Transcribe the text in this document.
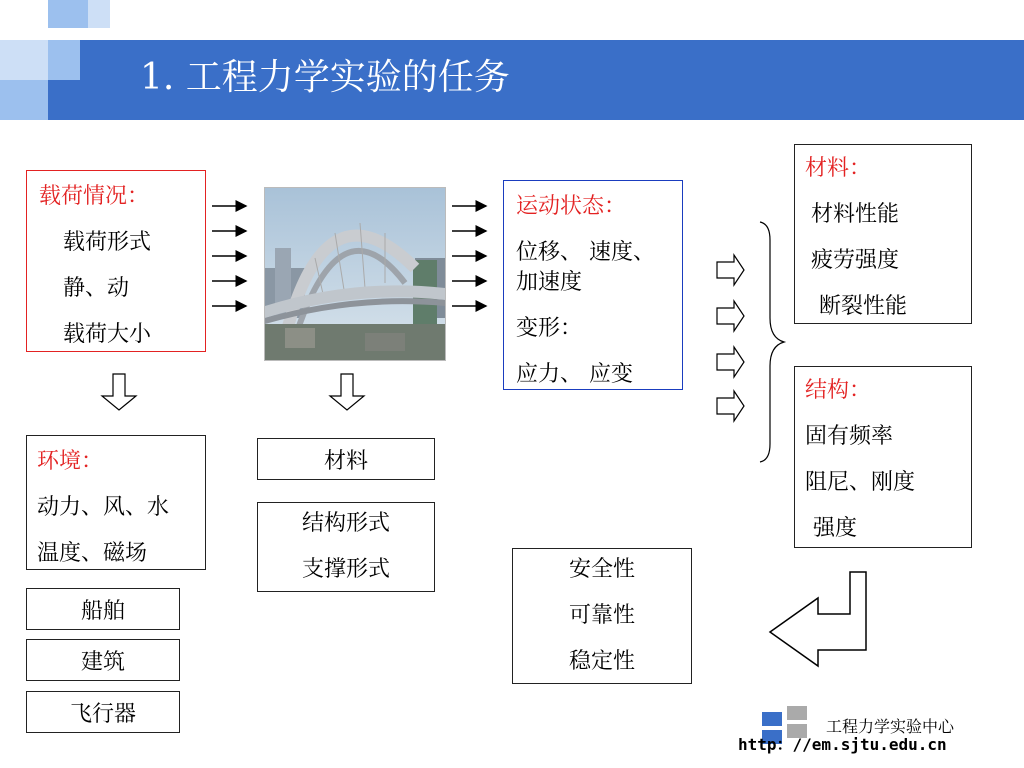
1. 工程力学实验的任务
载荷情况：
载荷形式
静、动
载荷大小
运动状态：
位移、 速度、
加速度
变形：
应力、 应变
材料：
材料性能
疲劳强度
断裂性能
结构：
固有频率
阻尼、刚度
强度
环境：
动力、风、水
温度、磁场
船舶
建筑
飞行器
材料
结构形式
支撑形式	安全性
可靠性
稳定性
工程力学实验中心
http：//em.sjtu.edu.cn
